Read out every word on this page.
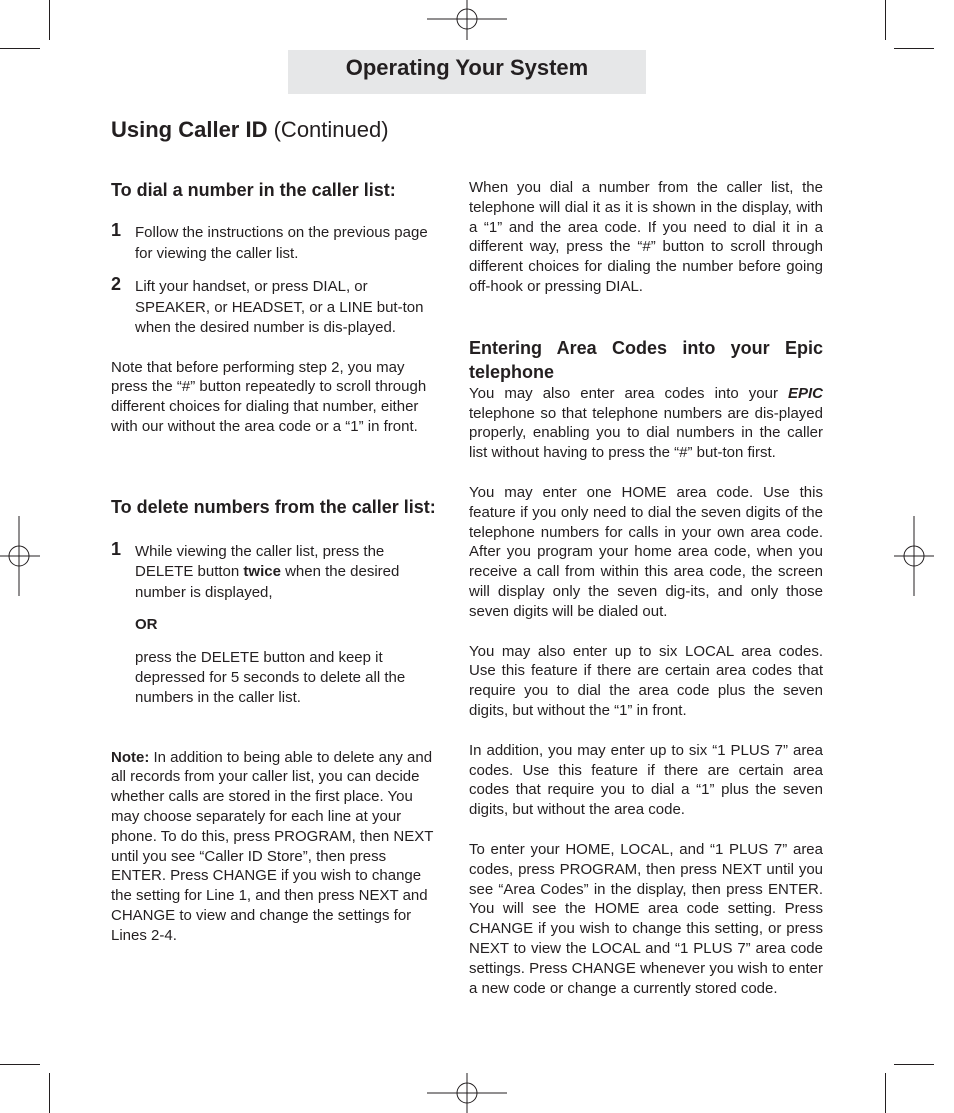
Operating Your System
Using Caller ID (Continued)
To dial a number in the caller list:
1 Follow the instructions on the previous page for viewing the caller list.
2 Lift your handset, or press DIAL, or SPEAKER, or HEADSET, or a LINE but-ton when the desired number is dis-played.
Note that before performing step 2, you may press the “#” button repeatedly to scroll through different choices for dialing that number, either with our without the area code or a “1” in front.
To delete numbers from the caller list:
1 While viewing the caller list, press the DELETE button twice when the desired number is displayed,
OR
press the DELETE button and keep it depressed for 5 seconds to delete all the numbers in the caller list.
Note: In addition to being able to delete any and all records from your caller list, you can decide whether calls are stored in the first place. You may choose separately for each line at your phone. To do this, press PROGRAM, then NEXT until you see “Caller ID Store”, then press ENTER. Press CHANGE if you wish to change the setting for Line 1, and then press NEXT and CHANGE to view and change the settings for Lines 2-4.
When you dial a number from the caller list, the telephone will dial it as it is shown in the display, with a “1” and the area code. If you need to dial it in a different way, press the “#” button to scroll through different choices for dialing the number before going off-hook or pressing DIAL.
Entering Area Codes into your Epic telephone
You may also enter area codes into your EPIC telephone so that telephone numbers are dis-played properly, enabling you to dial numbers in the caller list without having to press the “#” but-ton first.
You may enter one HOME area code. Use this feature if you only need to dial the seven digits of the telephone numbers for calls in your own area code. After you program your home area code, when you receive a call from within this area code, the screen will display only the seven dig-its, and only those seven digits will be dialed out.
You may also enter up to six LOCAL area codes. Use this feature if there are certain area codes that require you to dial the area code plus the seven digits, but without the “1” in front.
In addition, you may enter up to six “1 PLUS 7” area codes. Use this feature if there are certain area codes that require you to dial a “1” plus the seven digits, but without the area code.
To enter your HOME, LOCAL, and “1 PLUS 7” area codes, press PROGRAM, then press NEXT until you see “Area Codes” in the display, then press ENTER. You will see the HOME area code setting. Press CHANGE if you wish to change this setting, or press NEXT to view the LOCAL and “1 PLUS 7” area code settings. Press CHANGE whenever you wish to enter a new code or change a currently stored code.
